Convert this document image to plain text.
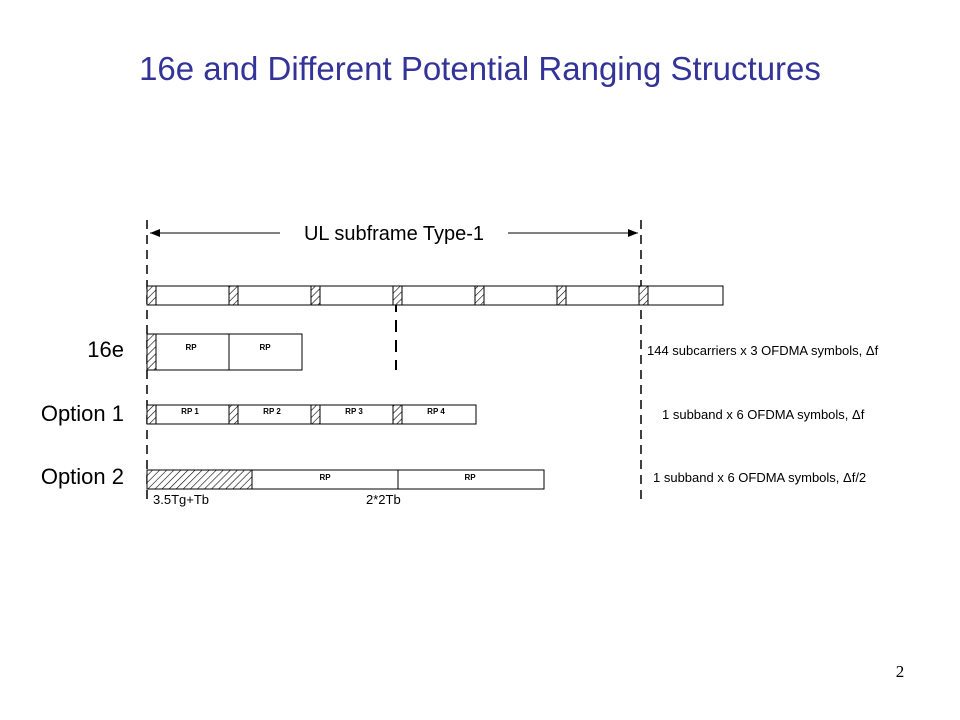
16e and Different Potential Ranging Structures
UL subframe Type-1
16e	RP	RP	144 subcarriers x 3 OFDMA symbols, Δf
Option 1	RP 1	RP 2	RP 3	RP 4	1 subband x 6 OFDMA symbols, Δf
Option 2	RP	RP	1 subband x 6 OFDMA symbols, Δf/2
3.5Tg+Tb	2*2Tb
2
